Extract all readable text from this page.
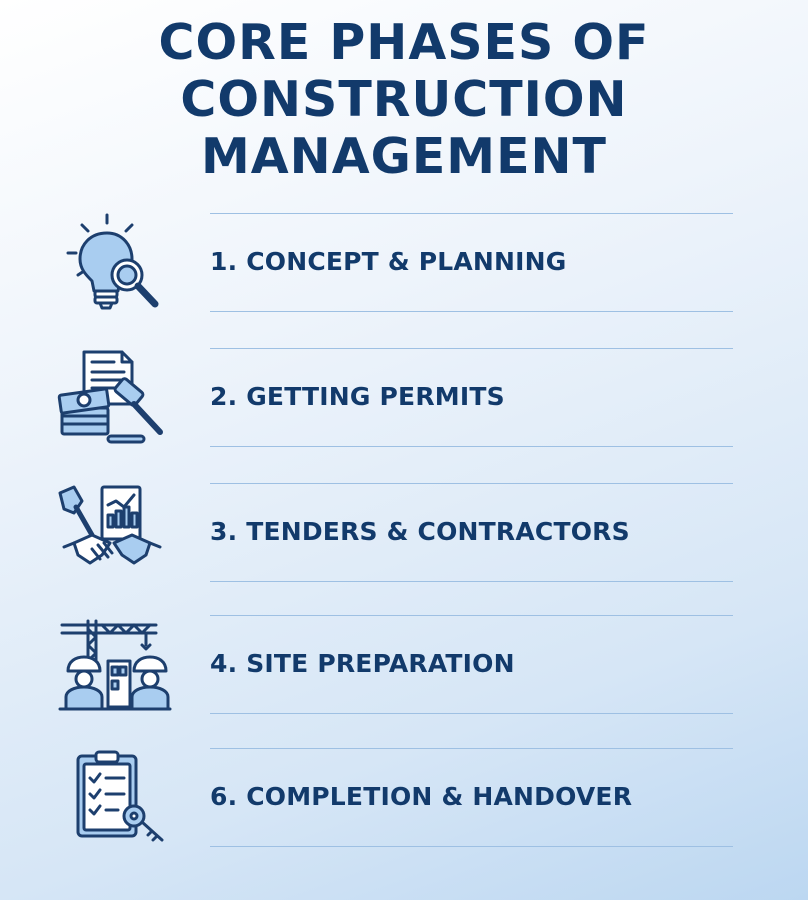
CORE PHASES OF
CONSTRUCTION
MANAGEMENT
1. CONCEPT & PLANNING
2. GETTING PERMITS
3. TENDERS & CONTRACTORS
4. SITE PREPARATION
6. COMPLETION & HANDOVER
